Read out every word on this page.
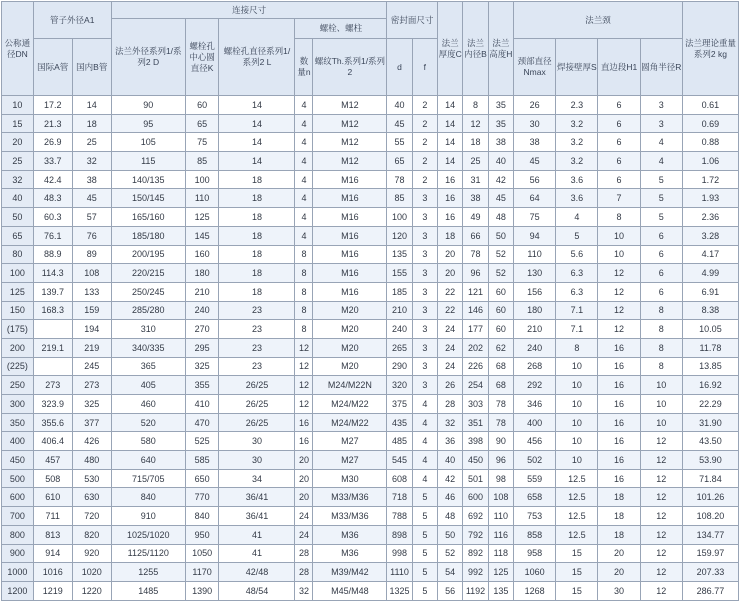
公称通径DN	管子外径A1		连接尺寸					密封面尺寸		法兰厚度C	法兰内径B	法兰高度H	法兰颈				法兰理论重量系列2 kg
			法兰外径系列1/系列2 D	螺栓孔中心圆直径K	螺栓孔直径系列1/系列2 L	螺栓、螺柱											
	国际A管	国内B管				数量n	螺纹Th.系列1/系列2	d	f				颈部直径Nmax	焊接壁厚S	直边段H1	圆角半径R	
10	17.2	14	90	60	14	4	M12	40	2	14	8	35	26	2.3	6	3	0.61
15	21.3	18	95	65	14	4	M12	45	2	14	12	35	30	3.2	6	3	0.69
20	26.9	25	105	75	14	4	M12	55	2	14	18	38	38	3.2	6	4	0.88
25	33.7	32	115	85	14	4	M12	65	2	14	25	40	45	3.2	6	4	1.06
32	42.4	38	140/135	100	18	4	M16	78	2	16	31	42	56	3.6	6	5	1.72
40	48.3	45	150/145	110	18	4	M16	85	3	16	38	45	64	3.6	7	5	1.93
50	60.3	57	165/160	125	18	4	M16	100	3	16	49	48	75	4	8	5	2.36
65	76.1	76	185/180	145	18	4	M16	120	3	18	66	50	94	5	10	6	3.28
80	88.9	89	200/195	160	18	8	M16	135	3	20	78	52	110	5.6	10	6	4.17
100	114.3	108	220/215	180	18	8	M16	155	3	20	96	52	130	6.3	12	6	4.99
125	139.7	133	250/245	210	18	8	M16	185	3	22	121	60	156	6.3	12	6	6.91
150	168.3	159	285/280	240	23	8	M20	210	3	22	146	60	180	7.1	12	8	8.38
(175)		194	310	270	23	8	M20	240	3	24	177	60	210	7.1	12	8	10.05
200	219.1	219	340/335	295	23	12	M20	265	3	24	202	62	240	8	16	8	11.78
(225)		245	365	325	23	12	M20	290	3	24	226	68	268	10	16	8	13.85
250	273	273	405	355	26/25	12	M24/M22N	320	3	26	254	68	292	10	16	10	16.92
300	323.9	325	460	410	26/25	12	M24/M22	375	4	28	303	78	346	10	16	10	22.29
350	355.6	377	520	470	26/25	16	M24/M22	435	4	32	351	78	400	10	16	10	31.90
400	406.4	426	580	525	30	16	M27	485	4	36	398	90	456	10	16	12	43.50
450	457	480	640	585	30	20	M27	545	4	40	450	96	502	10	16	12	53.90
500	508	530	715/705	650	34	20	M30	608	4	42	501	98	559	12.5	16	12	71.84
600	610	630	840	770	36/41	20	M33/M36	718	5	46	600	108	658	12.5	18	12	101.26
700	711	720	910	840	36/41	24	M33/M36	788	5	48	692	110	753	12.5	18	12	108.20
800	813	820	1025/1020	950	41	24	M36	898	5	50	792	116	858	12.5	18	12	134.77
900	914	920	1125/1120	1050	41	28	M36	998	5	52	892	118	958	15	20	12	159.97
1000	1016	1020	1255	1170	42/48	28	M39/M42	1110	5	54	992	125	1060	15	20	12	207.33
1200	1219	1220	1485	1390	48/54	32	M45/M48	1325	5	56	1192	135	1268	15	30	12	286.77
